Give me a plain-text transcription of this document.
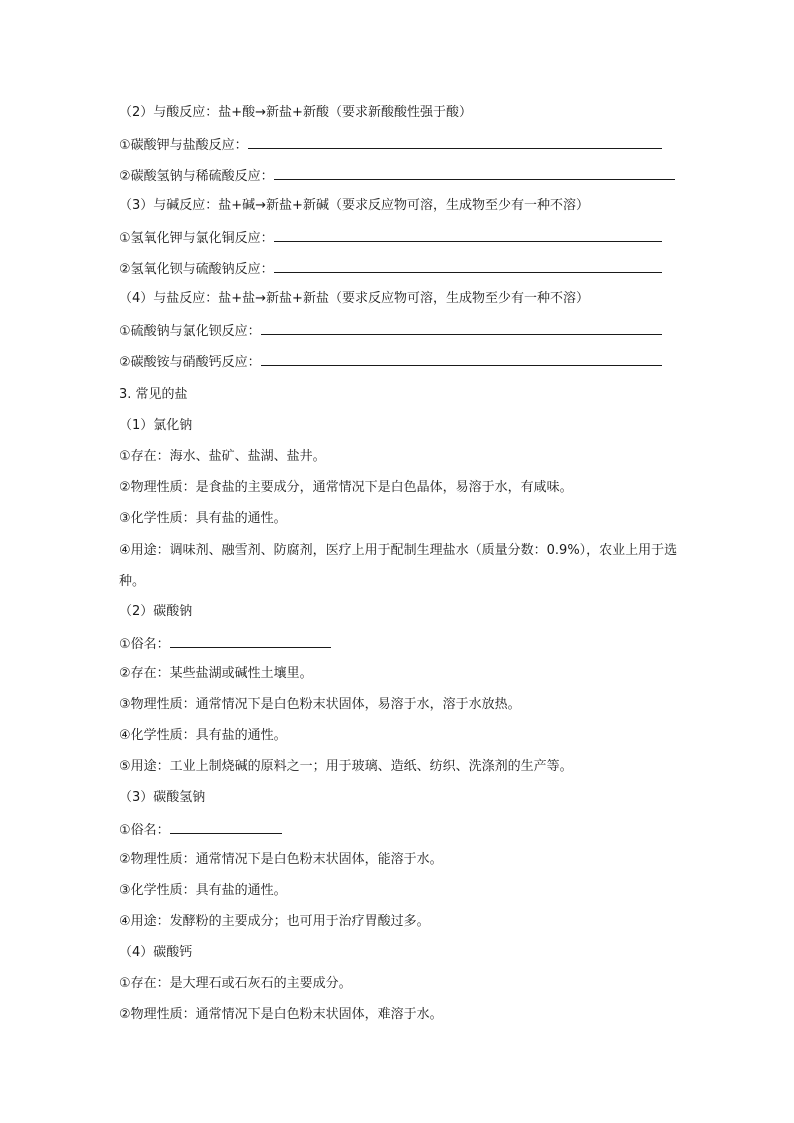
（2）与酸反应：盐+酸→新盐+新酸（要求新酸酸性强于酸）
①碳酸钾与盐酸反应：
②碳酸氢钠与稀硫酸反应：
（3）与碱反应：盐+碱→新盐+新碱（要求反应物可溶，生成物至少有一种不溶）
①氢氧化钾与氯化铜反应：
②氢氧化钡与硫酸钠反应：
（4）与盐反应：盐+盐→新盐+新盐（要求反应物可溶，生成物至少有一种不溶）
①硫酸钠与氯化钡反应：
②碳酸铵与硝酸钙反应：
3. 常见的盐
（1）氯化钠
①存在：海水、盐矿、盐湖、盐井。
②物理性质：是食盐的主要成分，通常情况下是白色晶体，易溶于水，有咸味。
③化学性质：具有盐的通性。
④用途：调味剂、融雪剂、防腐剂，医疗上用于配制生理盐水（质量分数：0.9%），农业上用于选种。
（2）碳酸钠
①俗名：
②存在：某些盐湖或碱性土壤里。
③物理性质：通常情况下是白色粉末状固体，易溶于水，溶于水放热。
④化学性质：具有盐的通性。
⑤用途：工业上制烧碱的原料之一；用于玻璃、造纸、纺织、洗涤剂的生产等。
（3）碳酸氢钠
①俗名：
②物理性质：通常情况下是白色粉末状固体，能溶于水。
③化学性质：具有盐的通性。
④用途：发酵粉的主要成分；也可用于治疗胃酸过多。
（4）碳酸钙
①存在：是大理石或石灰石的主要成分。
②物理性质：通常情况下是白色粉末状固体，难溶于水。
